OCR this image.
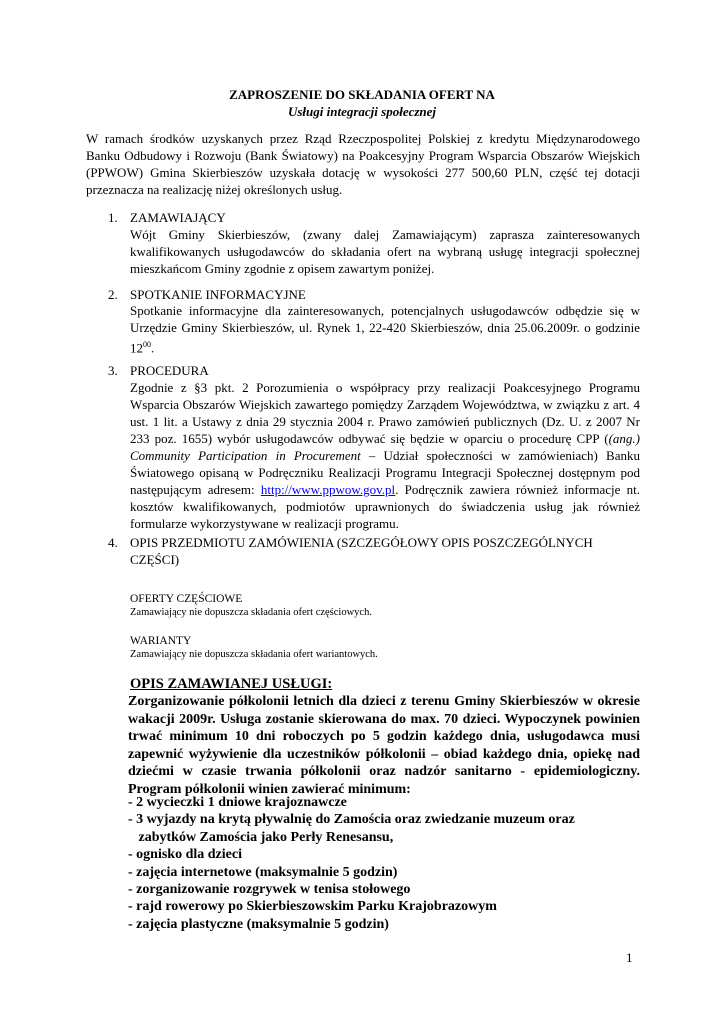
ZAPROSZENIE DO SKŁADANIA OFERT NA
Usługi integracji społecznej

W ramach środków uzyskanych przez Rząd Rzeczpospolitej Polskiej z kredytu Międzynarodowego Banku Odbudowy i Rozwoju (Bank Światowy) na Poakcesyjny Program Wsparcia Obszarów Wiejskich (PPWOW) Gmina Skierbieszów uzyskała dotację w wysokości 277 500,60 PLN, część tej dotacji przeznacza na realizację niżej określonych usług.

1. ZAMAWIAJĄCY

Wójt Gminy Skierbieszów, (zwany dalej Zamawiającym) zaprasza zainteresowanych kwalifikowanych usługodawców do składania ofert na wybraną usługę integracji społecznej mieszkańcom Gminy zgodnie z opisem zawartym poniżej.

2. SPOTKANIE INFORMACYJNE

Spotkanie informacyjne dla zainteresowanych, potencjalnych usługodawców odbędzie się w Urzędzie Gminy Skierbieszów, ul. Rynek 1, 22-420 Skierbieszów, dnia 25.06.2009r. o godzinie $12^{00}$.

3. PROCEDURA

Zgodnie z §3 pkt. 2 Porozumienia o współpracy przy realizacji Poakcesyjnego Programu Wsparcia Obszarów Wiejskich zawartego pomiędzy Zarządem Województwa, w związku z art. 4 ust. 1 lit. a Ustawy z dnia 29 stycznia 2004 r. Prawo zamówień publicznych (Dz. U. z 2007 Nr 233 poz. 1655) wybór usługodawców odbywać się będzie w oparciu o procedurę CPP ((ang.) Community Participation in Procurement – Udział społeczności w zamówieniach) Banku Światowego opisaną w Podręczniku Realizacji Programu Integracji Społecznej dostępnym pod następującym adresem: http://www.ppwow.gov.pl. Podręcznik zawiera również informacje nt. kosztów kwalifikowanych, podmiotów uprawnionych do świadczenia usług jak również formularze wykorzystywane w realizacji programu.

4. OPIS PRZEDMIOTU ZAMÓWIENIA (SZCZEGÓŁOWY OPIS POSZCZEGÓLNYCH CZĘŚCI)
OFERTY CZĘŚCIOWE
Zamawiający nie dopuszcza składania ofert częściowych.
WARIANTY
Zamawiający nie dopuszcza składania ofert wariantowych.
OPIS ZAMAWIANEJ USŁUGI:

Zorganizowanie półkolonii letnich dla dzieci z terenu Gminy Skierbieszów w okresie wakacji 2009r. Usługa zostanie skierowana do max. 70 dzieci. Wypoczynek powinien trwać minimum 10 dni roboczych po 5 godzin każdego dnia, usługodawca musi zapewnić wyżywienie dla uczestników półkolonii – obiad każdego dnia, opiekę nad dziećmi w czasie trwania półkolonii oraz nadzór sanitarno - epidemiologiczny. Program półkolonii winien zawierać minimum:

- 2 wycieczki 1 dniowe krajoznawcze
- 3 wyjazdy na krytą pływalnię do Zamościa oraz zwiedzanie muzeum oraz
zabytków Zamościa jako Perły Renesansu,
- ognisko dla dzieci
- zajęcia internetowe (maksymalnie 5 godzin)
- zorganizowanie rozgrywek w tenisa stołowego
- rajd rowerowy po Skierbieszowskim Parku Krajobrazowym
- zajęcia plastyczne (maksymalnie 5 godzin)
1
